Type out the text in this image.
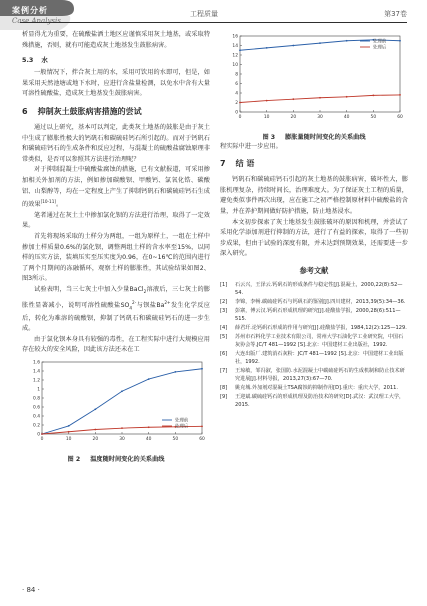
案例分析
Case Analysis
工程质量	第37卷

析显得尤为重要，在硫酸盐洒土地区应谨慎采用灰土地基，或采取特殊措施，否则，就有可能造成灰土地基发生鼓胀病害。

5.3 水

一般情况下，拌合灰土用的水，采用可饮用的水即可，但是，如果采用天然池塘或地下水时，应进行含盐量检测，以免水中含有大量可溶性硫酸盐，造成灰土地基发生鼓胀病害。

6 抑制灰土鼓胀病害措施的尝试

通过以上研究，基本可以判定，此类灰土地基的鼓胀是由于灰土中生成了膨胀性极大的钙矾石和碳硫硅钙石所引起的。而对于钙矾石和碳硫硅钙石的生成条件和反应过程，与混凝土的硫酸盐腐蚀原理非常类似，是否可以参照其方法进行治理呢？

对于抑制混凝土中硫酸盐腐蚀的措施，已有文献报道，可采用掺加相关外加剂的方法，例如掺加碳酸钡、甲酸钙、氯氧化锆、碳酸铝、山梨醇等，均在一定程度上产生了抑制钙矾石和碳硫硅钙石生成的效果[10-11]。

笔者通过在灰土土中掺加氯化钡的方法进行治理，取得了一定效果。

首先将现场采取的土样分为两组，一组为原样土，一组在土样中掺加土样质量0.6%的氯化钡，调整两组土样的含水率至15%，以同样的压实方法，装填压实至压实度为0.96，在0~16℃的范围内进行了两个月期间的冻融循环，观察土样的膨胀性，其试验结果如图2、图3所示。

试验表明，当三七灰土中加入少量BaCl$_2$溶液后，三七灰土的膨胀性显著减小，说明可溶性硫酸盐$SO_4^{2-}$与钡盐$Ba^{2+}$发生化学反应后，转化为难溶的硫酸钡，抑制了钙矾石和碳硫硅钙石的进一步生成。

由于氯化钡本身具有较强的毒性，在工程实际中进行大规模应用存在较大的安全风险，因此该方法还未在工

0
0.2
0.4
0.6
0.8
1
1.2
1.4
1.6
0	10	20	30	40	50	60
处理前
处理后
图 2 温度随时间变化的关系曲线
0
2
4
6
8
10
12
14
16
0	10	20	30	40	50	60
处理前
处理后
图 3 膨胀量随时间变化的关系曲线

程实际中进一步应用。

7 结 语

钙矾石和碳硫硅钙石引起的灰土地基的鼓胀病害，破坏性大，膨胀机理复杂，持续时间长，治理难度大。为了保证灰土工程的质量，避免类似事件再次出现，应在施工之初严格控制原材料中硫酸盐的含量，并在养护期间做好防护措施，防止地基浸水。

本文初步探索了灰土地基发生鼓胀破坏的原因和机理，并尝试了采用化学添加剂进行抑制的方法，进行了有益的探索，取得了一些初步成果，但由于试验的深度有限，并未达到预期效果，还需要进一步深入研究。

参考文献
[1]	石云兴，王泽云.钙矾石的形成条件与稳定性[J].混凝土，2000,22(8):52—54.
[2]	李锦，李畅.碳硫硅钙石与钙矾石的鉴别[J].四川建材，2013,39(5):34—36.
[3]	彭寨，傅云汉.钙矾石形成机理的研究[J].硅酸盐学报，2000,28(6):511—515.
[4]	薛君玕.论钙矾石形成的作用与研究[J].硅酸盐学报，1984,12(2):125—129.
[5]	苏州市石料化学工业技术有限公司，常州大学石油化学工业研究院，中国石灰协会等.JC/T 481—1992 [S].北京：中国建材工业出版社，1992.
[6]	大连出版厂.建筑消石灰粉：JC/T 481—1992 [S].北京：中国建材工业出版社，1992.
[7]	王琼敏，邹冯淑，张国防.水泥混凝土中碳硫硅钙石的生成机制和防止技术研究进展[J].材料导报，2013,27(3):67—70.
[8]	姚克城.外加剂对混凝土TSA腐蚀的抑制作用[D].重庆：重庆大学，2011.
[9]	王迎斌.碳硫硅钙石的形成机理及防治技术的研究[D].武汉：武汉理工大学，2015.
· 84 ·
